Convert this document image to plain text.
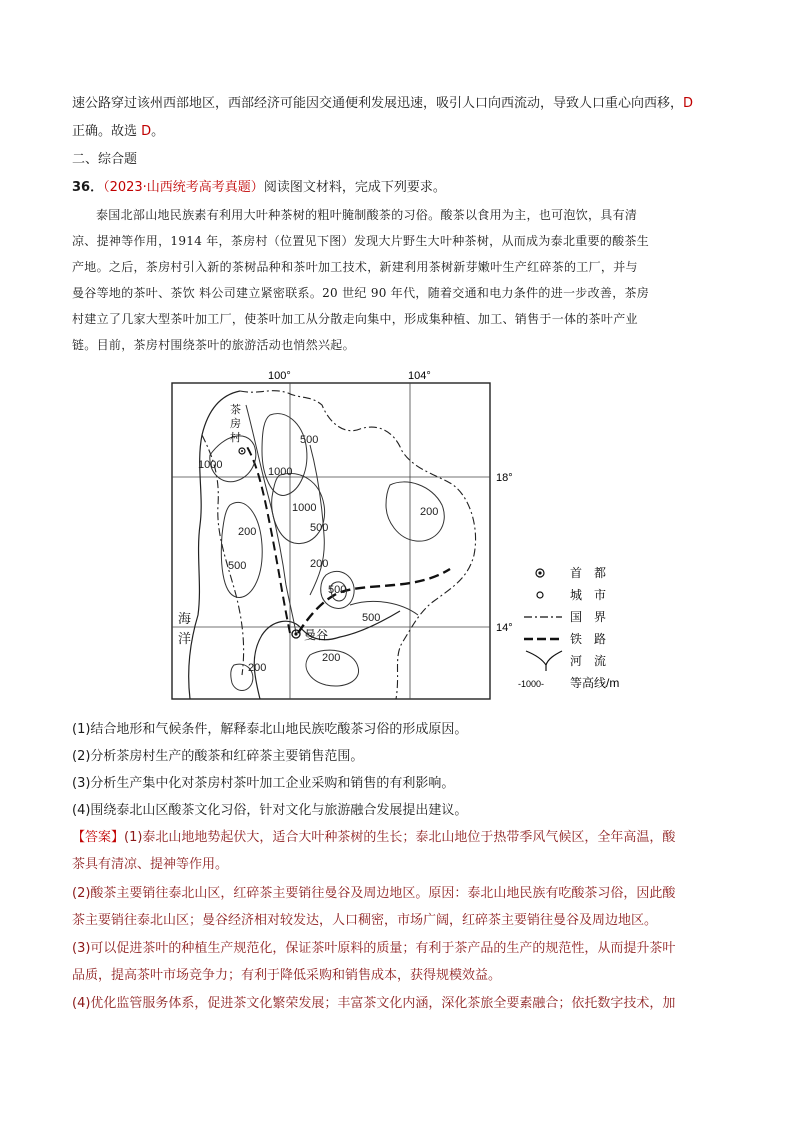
速公路穿过该州西部地区，西部经济可能因交通便利发展迅速，吸引人口向西流动，导致人口重心向西移，D
正确。故选 D。
二、综合题
36．（2023·山西统考高考真题）阅读图文材料，完成下列要求。
泰国北部山地民族素有利用大叶种茶树的粗叶腌制酸茶的习俗。酸茶以食用为主，也可泡饮，具有清
凉、提神等作用，1914 年，茶房村（位置见下图）发现大片野生大叶种茶树，从而成为泰北重要的酸茶生
产地。之后，茶房村引入新的茶树品种和茶叶加工技术，新建利用茶树新芽嫩叶生产红碎茶的工厂，并与
曼谷等地的茶叶、茶饮 料公司建立紧密联系。20 世纪 90 年代，随着交通和电力条件的进一步改善，茶房
村建立了几家大型茶叶加工厂，使茶叶加工从分散走向集中，形成集种植、加工、销售于一体的茶叶产业
链。目前，茶房村围绕茶叶的旅游活动也悄然兴起。
100°	104°
18°
14°
1000
500
1000
500
200
500
200
500
200
1000
200
200
500
茶 房 村
茶房村
曼谷
海
洋
首　都
城　市
国　界
铁　路
河　流
-1000- 等高线/m
(1)结合地形和气候条件，解释泰北山地民族吃酸茶习俗的形成原因。
(2)分析茶房村生产的酸茶和红碎茶主要销售范围。
(3)分析生产集中化对茶房村茶叶加工企业采购和销售的有利影响。
(4)围绕泰北山区酸茶文化习俗，针对文化与旅游融合发展提出建议。
【答案】(1)泰北山地地势起伏大，适合大叶种茶树的生长；泰北山地位于热带季风气候区，全年高温，酸
茶具有清凉、提神等作用。
(2)酸茶主要销往泰北山区，红碎茶主要销往曼谷及周边地区。原因：泰北山地民族有吃酸茶习俗，因此酸
茶主要销往泰北山区；曼谷经济相对较发达，人口稠密，市场广阔，红碎茶主要销往曼谷及周边地区。
(3)可以促进茶叶的种植生产规范化，保证茶叶原料的质量；有利于茶产品的生产的规范性，从而提升茶叶
品质，提高茶叶市场竞争力；有利于降低采购和销售成本，获得规模效益。
(4)优化监管服务体系，促进茶文化繁荣发展；丰富茶文化内涵，深化茶旅全要素融合；依托数字技术，加
